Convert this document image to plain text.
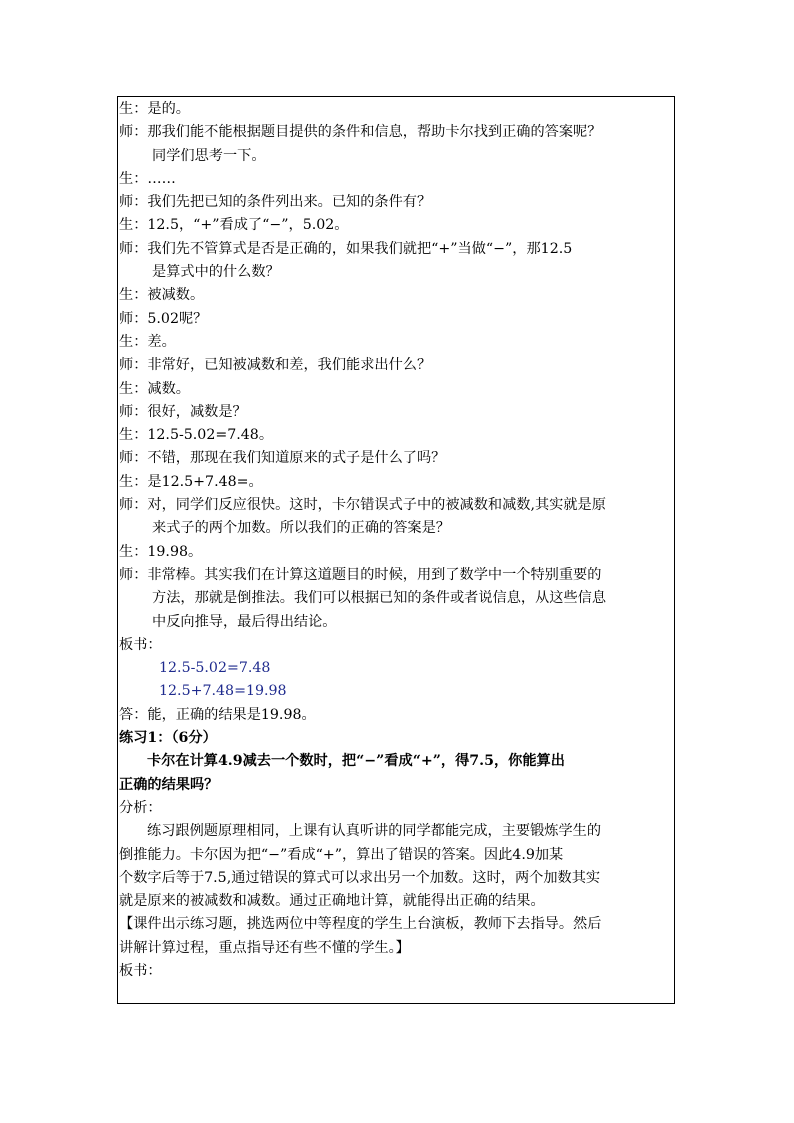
生：是的。
师：那我们能不能根据题目提供的条件和信息，帮助卡尔找到正确的答案呢？
同学们思考一下。
生：……
师：我们先把已知的条件列出来。已知的条件有？
生：12.5，“+”看成了“−”，5.02。
师：我们先不管算式是否是正确的，如果我们就把“+”当做“−”，那12.5
是算式中的什么数？
生：被减数。
师：5.02呢？
生：差。
师：非常好，已知被减数和差，我们能求出什么？
生：减数。
师：很好，减数是？
生：12.5-5.02=7.48。
师：不错，那现在我们知道原来的式子是什么了吗？
生：是12.5+7.48=。
师：对，同学们反应很快。这时，卡尔错误式子中的被减数和减数,其实就是原
来式子的两个加数。所以我们的正确的答案是？
生：19.98。
师：非常棒。其实我们在计算这道题目的时候，用到了数学中一个特别重要的
方法，那就是倒推法。我们可以根据已知的条件或者说信息，从这些信息
中反向推导，最后得出结论。
板书：
12.5-5.02=7.48
12.5+7.48=19.98
答：能，正确的结果是19.98。
练习1：（6分）
卡尔在计算4.9减去一个数时，把“−”看成“+”，得7.5，你能算出
正确的结果吗？
分析：
练习跟例题原理相同，上课有认真听讲的同学都能完成，主要锻炼学生的
倒推能力。卡尔因为把“−”看成“+”，算出了错误的答案。因此4.9加某
个数字后等于7.5,通过错误的算式可以求出另一个加数。这时，两个加数其实
就是原来的被减数和减数。通过正确地计算，就能得出正确的结果。
【课件出示练习题，挑选两位中等程度的学生上台演板，教师下去指导。然后
讲解计算过程，重点指导还有些不懂的学生。】
板书：
